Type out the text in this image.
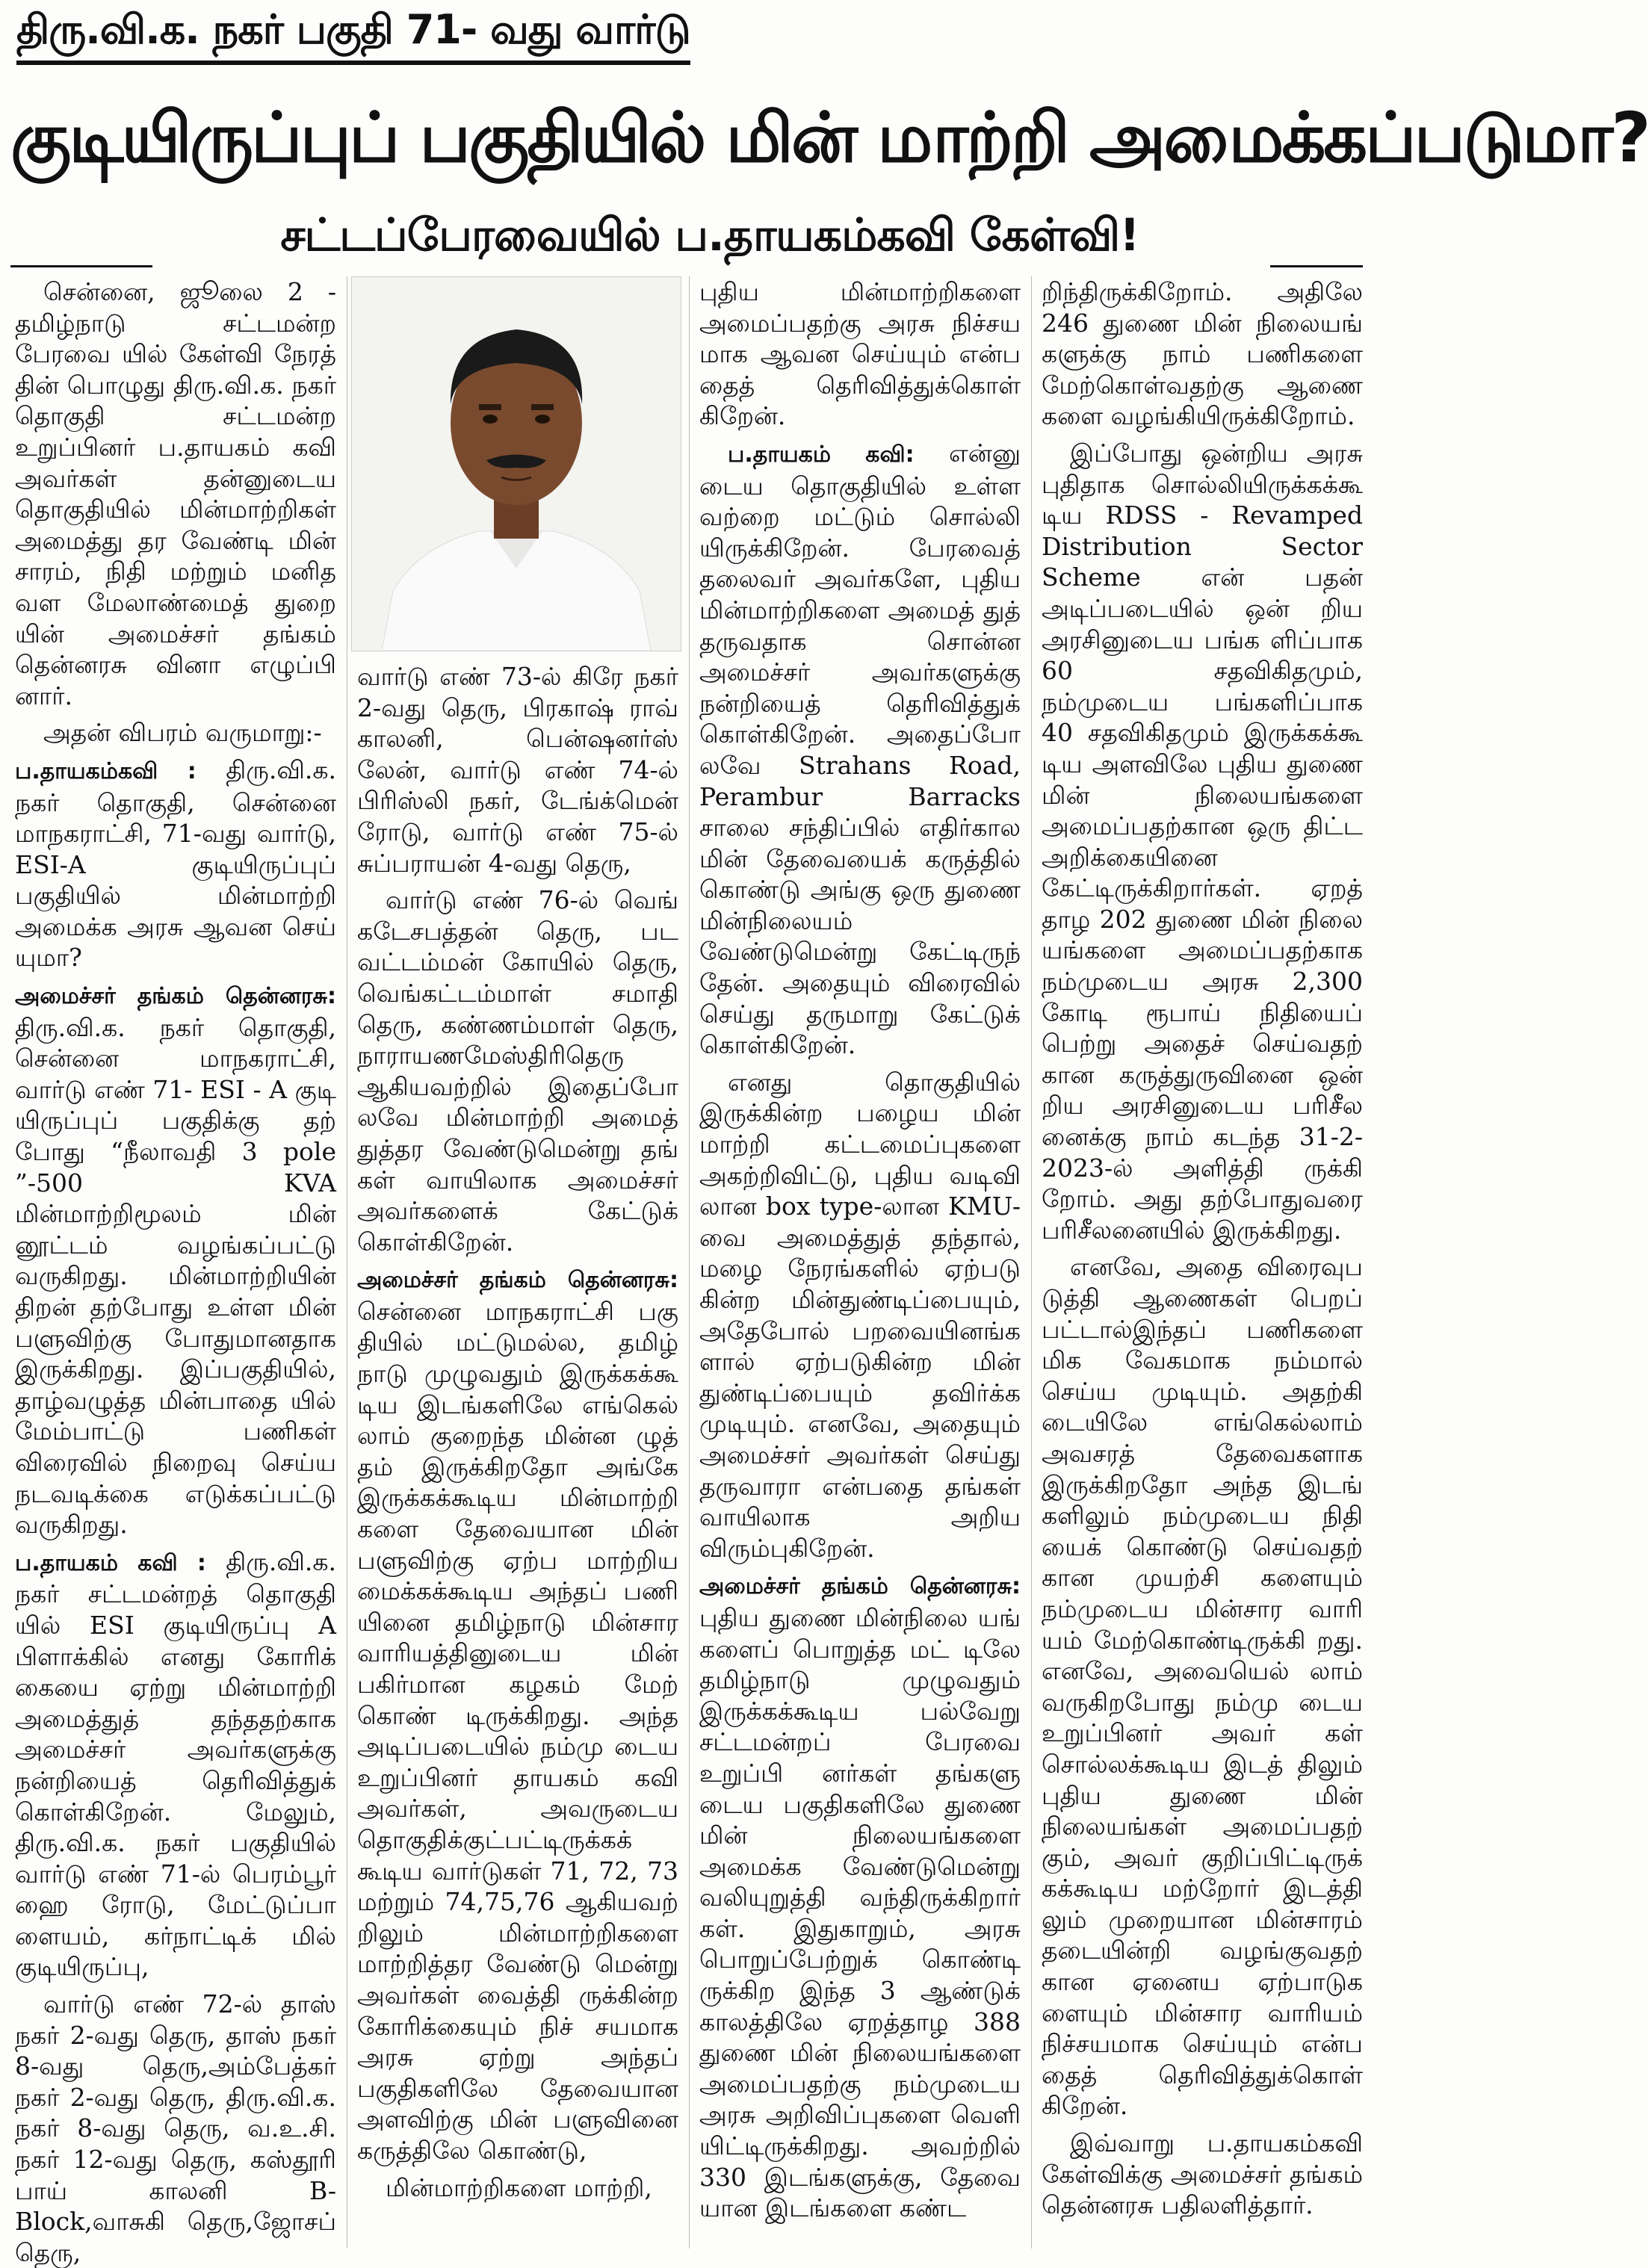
திரு.வி.க. நகர் பகுதி 71- வது வார்டு
குடியிருப்புப் பகுதியில் மின் மாற்றி அமைக்கப்படுமா?
சட்டப்பேரவையில் ப.தாயகம்கவி கேள்வி!

சென்னை, ஜூலை 2 - தமிழ்நாடு சட்டமன்ற பேரவை யில் கேள்வி நேரத் தின் பொழுது திரு.வி.க. நகர் தொகுதி சட்டமன்ற உறுப்பினர் ப.தாயகம் கவி அவர்கள் தன்னுடைய தொகுதியில் மின்மாற்றிகள் அமைத்து தர வேண்டி மின் சாரம், நிதி மற்றும் மனித வள மேலாண்மைத் துறை யின் அமைச்சர் தங்கம் தென்னரசு வினா எழுப்பி னார்.

அதன் விபரம் வருமாறு:-

ப.தாயகம்கவி : திரு.வி.க. நகர் தொகுதி, சென்னை மாநகராட்சி, 71-வது வார்டு, ESI-A குடியிருப்புப் பகுதியில் மின்மாற்றி அமைக்க அரசு ஆவன செய் யுமா?

அமைச்சர் தங்கம் தென்னரசு: திரு.வி.க. நகர் தொகுதி, சென்னை மாநகராட்சி, வார்டு எண் 71- ESI - A குடி யிருப்புப் பகுதிக்கு தற் போது “நீலாவதி 3 pole ”-500 KVA மின்மாற்றிமூலம் மின் னூட்டம் வழங்கப்பட்டு வருகிறது. மின்மாற்றியின் திறன் தற்போது உள்ள மின் பளுவிற்கு போதுமானதாக இருக்கிறது. இப்பகுதியில், தாழ்வழுத்த மின்பாதை யில் மேம்பாட்டு பணிகள் விரைவில் நிறைவு செய்ய நடவடிக்கை எடுக்கப்பட்டு வருகிறது.

ப.தாயகம் கவி : திரு.வி.க. நகர் சட்டமன்றத் தொகுதி யில் ESI குடியிருப்பு A பிளாக்கில் எனது கோரிக் கையை ஏற்று மின்மாற்றி அமைத்துத் தந்ததற்காக அமைச்சர் அவர்களுக்கு நன்றியைத் தெரிவித்துக் கொள்கிறேன். மேலும், திரு.வி.க. நகர் பகுதியில் வார்டு எண் 71-ல் பெரம்பூர் ஹை ரோடு, மேட்டுப்பா ளையம், கர்நாட்டிக் மில் குடியிருப்பு,

வார்டு எண் 72-ல் தாஸ் நகர் 2-வது தெரு, தாஸ் நகர் 8-வது தெரு,அம்பேத்கர் நகர் 2-வது தெரு, திரு.வி.க. நகர் 8-வது தெரு, வ.உ.சி. நகர் 12-வது தெரு, கஸ்தூரி பாய் காலனி B-Block,வாசுகி தெரு,ஜோசப் தெரு,

வார்டு எண் 73-ல் கிரே நகர் 2-வது தெரு, பிரகாஷ் ராவ் காலனி, பென்ஷனர்ஸ் லேன், வார்டு எண் 74-ல் பிரிஸ்லி நகர், டேங்க்மென் ரோடு, வார்டு எண் 75-ல் சுப்பராயன் 4-வது தெரு,

வார்டு எண் 76-ல் வெங் கடேசபத்தன் தெரு, பட வட்டம்மன் கோயில் தெரு, வெங்கட்டம்மாள் சமாதி தெரு, கண்ணம்மாள் தெரு, நாராயணமேஸ்திரிதெரு ஆகியவற்றில் இதைப்போ லவே மின்மாற்றி அமைத் துத்தர வேண்டுமென்று தங் கள் வாயிலாக அமைச்சர் அவர்களைக் கேட்டுக் கொள்கிறேன்.

அமைச்சர் தங்கம் தென்னரசு: சென்னை மாநகராட்சி பகு தியில் மட்டுமல்ல, தமிழ் நாடு முழுவதும் இருக்கக்கூ டிய இடங்களிலே எங்கெல் லாம் குறைந்த மின்ன ழுத் தம் இருக்கிறதோ அங்கே இருக்கக்கூடிய மின்மாற்றி களை தேவையான மின் பளுவிற்கு ஏற்ப மாற்றிய மைக்கக்கூடிய அந்தப் பணி யினை தமிழ்நாடு மின்சார வாரியத்தினுடைய மின் பகிர்மான கழகம் மேற் கொண் டிருக்கிறது. அந்த அடிப்படையில் நம்மு டைய உறுப்பினர் தாயகம் கவி அவர்கள், அவருடைய தொகுதிக்குட்பட்டிருக்கக் கூடிய வார்டுகள் 71, 72, 73 மற்றும் 74,75,76 ஆகியவற் றிலும் மின்மாற்றிகளை மாற்றித்தர வேண்டு மென்று அவர்கள் வைத்தி ருக்கின்ற கோரிக்கையும் நிச் சயமாக அரசு ஏற்று அந்தப் பகுதிகளிலே தேவையான அளவிற்கு மின் பளுவினை கருத்திலே கொண்டு,

மின்மாற்றிகளை மாற்றி,

புதிய மின்மாற்றிகளை அமைப்பதற்கு அரசு நிச்சய மாக ஆவன செய்யும் என்ப தைத் தெரிவித்துக்கொள் கிறேன்.

ப.தாயகம் கவி: என்னு டைய தொகுதியில் உள்ள வற்றை மட்டும் சொல்லி யிருக்கிறேன். பேரவைத் தலைவர் அவர்களே, புதிய மின்மாற்றிகளை அமைத் துத் தருவதாக சொன்ன அமைச்சர் அவர்களுக்கு நன்றியைத் தெரிவித்துக் கொள்கிறேன். அதைப்போ லவே Strahans Road, Perambur Barracks சாலை சந்திப்பில் எதிர்கால மின் தேவையைக் கருத்தில் கொண்டு அங்கு ஒரு துணை மின்நிலையம் வேண்டுமென்று கேட்டிருந் தேன். அதையும் விரைவில் செய்து தருமாறு கேட்டுக் கொள்கிறேன்.

எனது தொகுதியில் இருக்கின்ற பழைய மின் மாற்றி கட்டமைப்புகளை அகற்றிவிட்டு, புதிய வடிவி லான box type-லான KMU- வை அமைத்துத் தந்தால், மழை நேரங்களில் ஏற்படு கின்ற மின்துண்டிப்பையும், அதேபோல் பறவையினங்க ளால் ஏற்படுகின்ற மின் துண்டிப்பையும் தவிர்க்க முடியும். எனவே, அதையும் அமைச்சர் அவர்கள் செய்து தருவாரா என்பதை தங்கள் வாயிலாக அறிய விரும்புகிறேன்.

அமைச்சர் தங்கம் தென்னரசு: புதிய துணை மின்நிலை யங் களைப் பொறுத்த மட் டிலே தமிழ்நாடு முழுவதும் இருக்கக்கூடிய பல்வேறு சட்டமன்றப் பேரவை உறுப்பி னர்கள் தங்களு டைய பகுதிகளிலே துணை மின் நிலையங்களை அமைக்க வேண்டுமென்று வலியுறுத்தி வந்திருக்கிறார் கள். இதுகாறும், அரசு பொறுப்பேற்றுக் கொண்டி ருக்கிற இந்த 3 ஆண்டுக் காலத்திலே ஏறத்தாழ 388 துணை மின் நிலையங்களை அமைப்பதற்கு நம்முடைய அரசு அறிவிப்புகளை வெளி யிட்டிருக்கிறது. அவற்றில் 330 இடங்களுக்கு, தேவை யான இடங்களை கண்ட

றிந்திருக்கிறோம். அதிலே 246 துணை மின் நிலையங் களுக்கு நாம் பணிகளை மேற்கொள்வதற்கு ஆணை களை வழங்கியிருக்கிறோம்.

இப்போது ஒன்றிய அரசு புதிதாக சொல்லியிருக்கக்கூ டிய RDSS - Revamped Distribution Sector Scheme என் பதன் அடிப்படையில் ஒன் றிய அரசினுடைய பங்க ளிப்பாக 60 சதவிகிதமும், நம்முடைய பங்களிப்பாக 40 சதவிகிதமும் இருக்கக்கூ டிய அளவிலே புதிய துணை மின் நிலையங்களை அமைப்பதற்கான ஒரு திட்ட அறிக்கையினை கேட்டிருக்கிறார்கள். ஏறத் தாழ 202 துணை மின் நிலை யங்களை அமைப்பதற்காக நம்முடைய அரசு 2,300 கோடி ரூபாய் நிதியைப் பெற்று அதைச் செய்வதற் கான கருத்துருவினை ஒன் றிய அரசினுடைய பரிசீல னைக்கு நாம் கடந்த 31-2-2023-ல் அளித்தி ருக்கி றோம். அது தற்போதுவரை பரிசீலனையில் இருக்கிறது.

எனவே, அதை விரைவுப டுத்தி ஆணைகள் பெறப் பட்டால்இந்தப் பணிகளை மிக வேகமாக நம்மால் செய்ய முடியும். அதற்கி டையிலே எங்கெல்லாம் அவசரத் தேவைகளாக இருக்கிறதோ அந்த இடங் களிலும் நம்முடைய நிதி யைக் கொண்டு செய்வதற் கான முயற்சி களையும் நம்முடைய மின்சார வாரி யம் மேற்கொண்டிருக்கி றது. எனவே, அவையெல் லாம் வருகிறபோது நம்மு டைய உறுப்பினர் அவர் கள் சொல்லக்கூடிய இடத் திலும் புதிய துணை மின் நிலையங்கள் அமைப்பதற் கும், அவர் குறிப்பிட்டிருக் கக்கூடிய மற்றோர் இடத்தி லும் முறையான மின்சாரம் தடையின்றி வழங்குவதற் கான ஏனைய ஏற்பாடுக ளையும் மின்சார வாரியம் நிச்சயமாக செய்யும் என்ப தைத் தெரிவித்துக்கொள் கிறேன்.

இவ்வாறு ப.தாயகம்கவி கேள்விக்கு அமைச்சர் தங்கம் தென்னரசு பதிலளித்தார்.
